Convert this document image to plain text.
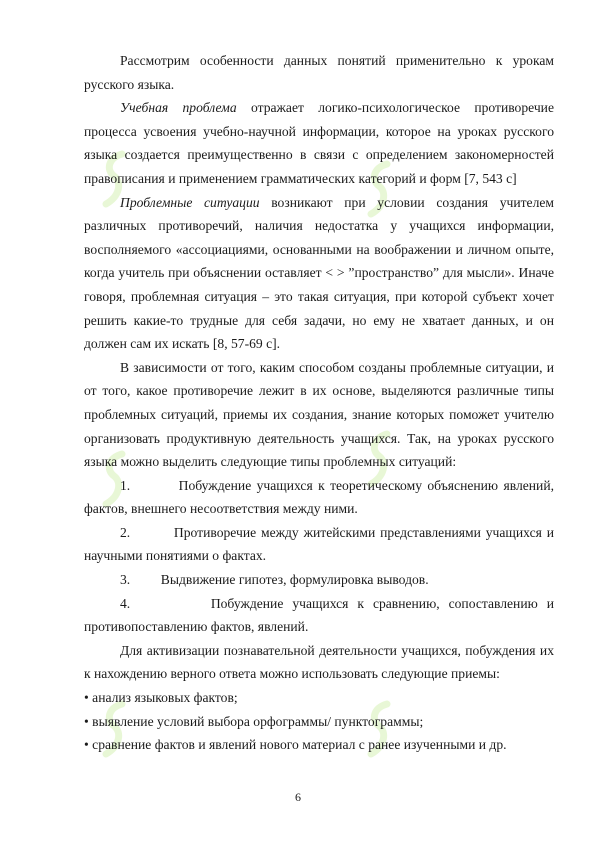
Рассмотрим особенности данных понятий применительно к урокам русского языка.

Учебная проблема отражает логико-психологическое противоречие процесса усвоения учебно-научной информации, которое на уроках русского языка создается преимущественно в связи с определением закономерностей правописания и применением грамматических категорий и форм [7, 543 с]

Проблемные ситуации возникают при условии создания учителем различных противоречий, наличия недостатка у учащихся информации, восполняемого «ассоциациями, основанными на воображении и личном опыте, когда учитель при объяснении оставляет < > ”пространство” для мысли». Иначе говоря, проблемная ситуация – это такая ситуация, при которой субъект хочет решить какие-то трудные для себя задачи, но ему не хватает данных, и он должен сам их искать [8, 57-69 с].

В зависимости от того, каким способом созданы проблемные ситуации, и от того, какое противоречие лежит в их основе, выделяются различные типы проблемных ситуаций, приемы их создания, знание которых поможет учителю организовать продуктивную деятельность учащихся. Так, на уроках русского языка можно выделить следующие типы проблемных ситуаций:

1.	Побуждение учащихся к теоретическому объяснению явлений, фактов, внешнего несоответствия между ними.

2.	Противоречие между житейскими представлениями учащихся и научными понятиями о фактах.

3. Выдвижение гипотез, формулировка выводов.

4.	Побуждение учащихся к сравнению, сопоставлению и противопоставлению фактов, явлений.

Для активизации познавательной деятельности учащихся, побуждения их к нахождению верного ответа можно использовать следующие приемы:

• анализ языковых фактов;

• выявление условий выбора орфограммы/ пунктограммы;

• сравнение фактов и явлений нового материал с ранее изученными и др.

6
